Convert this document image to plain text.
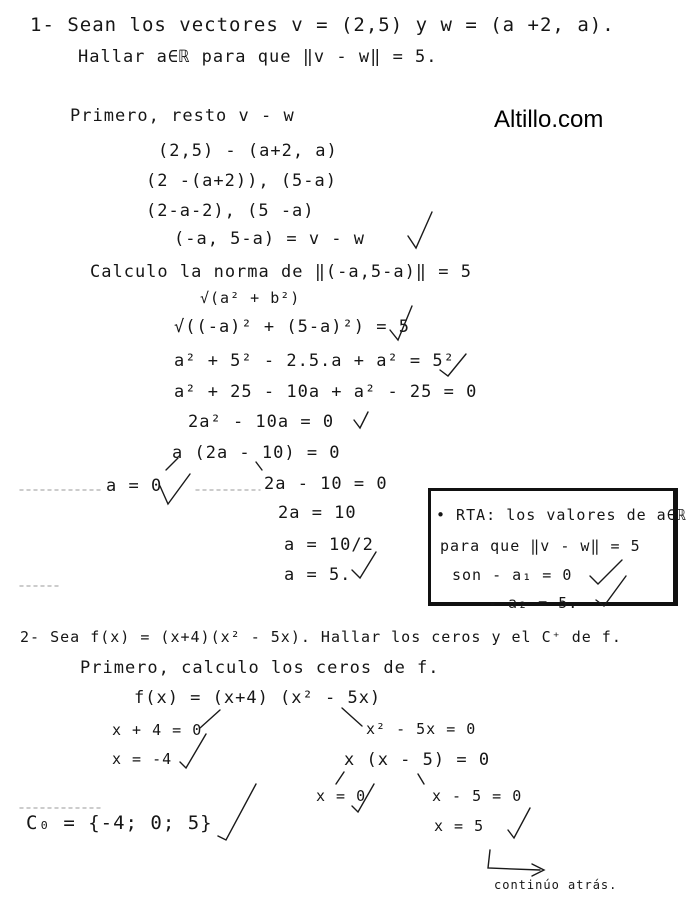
1- Sean los vectores v = (2,5) y w = (a +2, a).
Hallar a∈ℝ para que ‖v - w‖ = 5.
Altillo.com
Primero, resto v - w
(2,5) - (a+2, a)
(2 -(a+2)), (5-a)
(2-a-2), (5 -a)
(-a, 5-a) = v - w
Calculo la norma de ‖(-a,5-a)‖ = 5
√(a² + b²)
√((-a)² + (5-a)²) = 5
a² + 5² - 2.5.a + a² = 5²
a² + 25 - 10a + a² - 25 = 0
2a² - 10a = 0
a (2a - 10) = 0
a = 0	2a - 10 = 0
2a = 10
a = 10/2
a = 5.
• RTA: los valores de a∈ℝ
para que ‖v - w‖ = 5
son - a₁ = 0
- a₂ = 5.
2- Sea f(x) = (x+4)(x² - 5x). Hallar los ceros y el C⁺ de f.
Primero, calculo los ceros de f.
f(x) = (x+4) (x² - 5x)
x + 4 = 0
x = -4
x² - 5x = 0
x (x - 5) = 0
x = 0	x - 5 = 0
x = 5
C₀ = {-4; 0; 5}
continúo atrás.
